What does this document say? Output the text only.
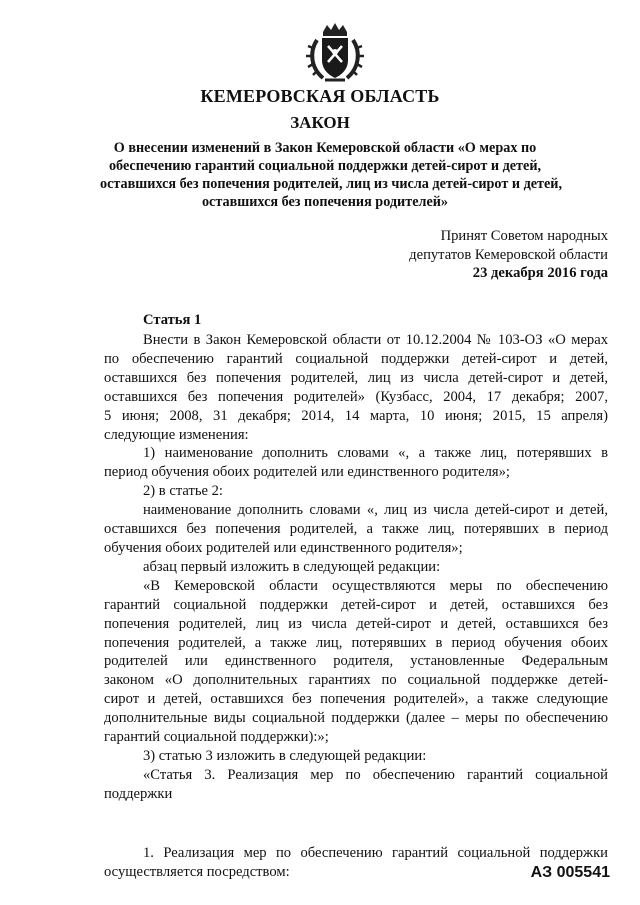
КЕМЕРОВСКАЯ ОБЛАСТЬ
ЗАКОН
О внесении изменений в Закон Кемеровской области «О мерах по
обеспечению гарантий социальной поддержки детей-сирот и детей,
оставшихся без попечения родителей, лиц из числа детей-сирот и детей,
оставшихся без попечения родителей»
Принят Советом народных
депутатов Кемеровской области
23 декабря 2016 года
Статья 1
Внести в Закон Кемеровской области от 10.12.2004 № 103-ОЗ «О мерах
по обеспечению гарантий социальной поддержки детей-сирот и детей,
оставшихся без попечения родителей, лиц из числа детей-сирот и детей,
оставшихся без попечения родителей» (Кузбасс, 2004, 17 декабря; 2007,
5 июня; 2008, 31 декабря; 2014, 14 марта, 10 июня; 2015, 15 апреля)
следующие изменения:
1) наименование дополнить словами «, а также лиц, потерявших в
период обучения обоих родителей или единственного родителя»;
2) в статье 2:
наименование дополнить словами «, лиц из числа детей-сирот и детей,
оставшихся без попечения родителей, а также лиц, потерявших в период
обучения обоих родителей или единственного родителя»;
абзац первый изложить в следующей редакции:
«В Кемеровской области осуществляются меры по обеспечению
гарантий социальной поддержки детей-сирот и детей, оставшихся без
попечения родителей, лиц из числа детей-сирот и детей, оставшихся без
попечения родителей, а также лиц, потерявших в период обучения обоих
родителей или единственного родителя, установленные Федеральным
законом «О дополнительных гарантиях по социальной поддержке детей-
сирот и детей, оставшихся без попечения родителей», а также следующие
дополнительные виды социальной поддержки (далее – меры по обеспечению
гарантий социальной поддержки):»;
3) статью 3 изложить в следующей редакции:
«Статья 3. Реализация мер по обеспечению гарантий социальной
поддержки
1. Реализация мер по обеспечению гарантий социальной поддержки
осуществляется посредством:	АЗ 005541
